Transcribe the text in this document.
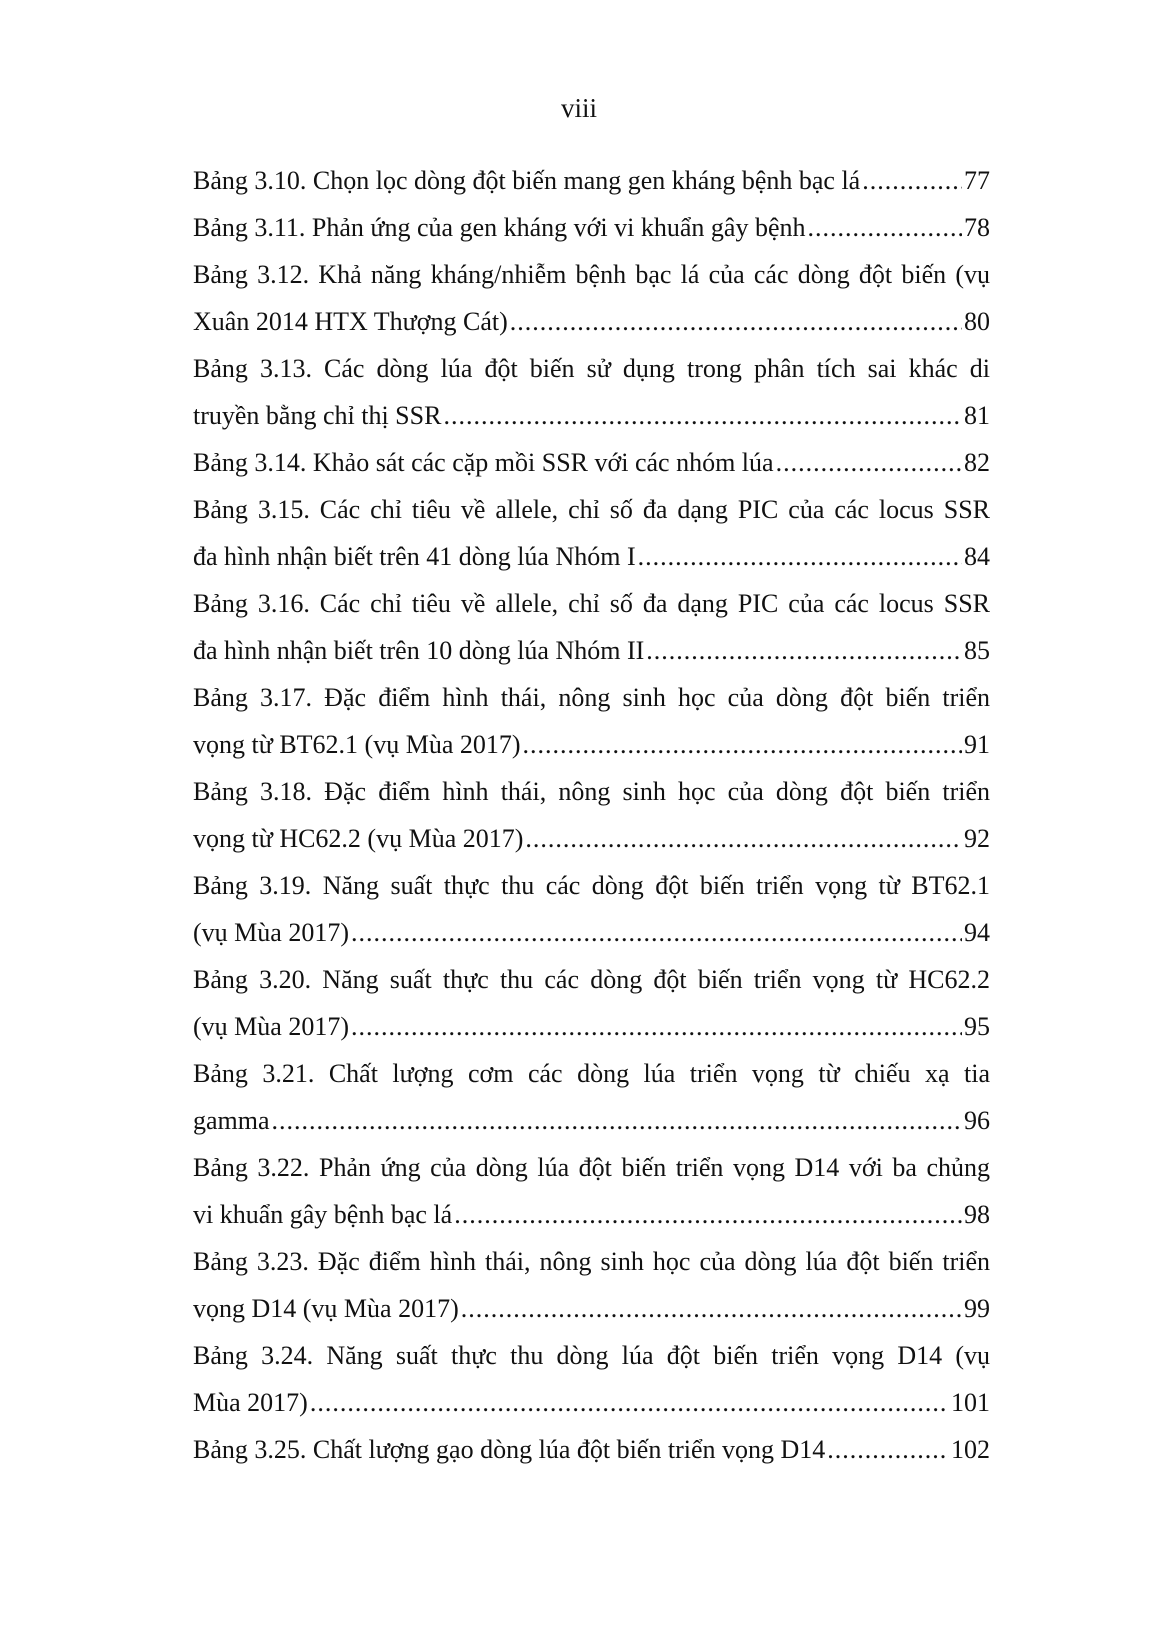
viii
Bảng 3.10. Chọn lọc dòng đột biến mang gen kháng bệnh bạc lá .....	77
Bảng 3.11. Phản ứng của gen kháng với vi khuẩn gây bệnh .....	78
Bảng 3.12. Khả năng kháng/nhiễm bệnh bạc lá của các dòng đột biến (vụ
Xuân 2014 HTX Thượng Cát) .....	80
Bảng 3.13. Các dòng lúa đột biến sử dụng trong phân tích sai khác di
truyền bằng chỉ thị SSR .....	81
Bảng 3.14. Khảo sát các cặp mồi SSR với các nhóm lúa .....	82
Bảng 3.15. Các chỉ tiêu về allele, chỉ số đa dạng PIC của các locus SSR
đa hình nhận biết trên 41 dòng lúa Nhóm I .....	84
Bảng 3.16. Các chỉ tiêu về allele, chỉ số đa dạng PIC của các locus SSR
đa hình nhận biết trên 10 dòng lúa Nhóm II .....	85
Bảng 3.17. Đặc điểm hình thái, nông sinh học của dòng đột biến triển
vọng từ BT62.1 (vụ Mùa 2017) .....	91
Bảng 3.18. Đặc điểm hình thái, nông sinh học của dòng đột biến triển
vọng từ HC62.2 (vụ Mùa 2017) .....	92
Bảng 3.19. Năng suất thực thu các dòng đột biến triển vọng từ BT62.1
(vụ Mùa 2017) .....	94
Bảng 3.20. Năng suất thực thu các dòng đột biến triển vọng từ HC62.2
(vụ Mùa 2017) .....	95
Bảng 3.21. Chất lượng cơm các dòng lúa triển vọng từ chiếu xạ tia
gamma .....	96
Bảng 3.22. Phản ứng của dòng lúa đột biến triển vọng D14 với ba chủng
vi khuẩn gây bệnh bạc lá .....	98
Bảng 3.23. Đặc điểm hình thái, nông sinh học của dòng lúa đột biến triển
vọng D14 (vụ Mùa 2017) .....	99
Bảng 3.24. Năng suất thực thu dòng lúa đột biến triển vọng D14 (vụ
Mùa 2017) .....	101
Bảng 3.25. Chất lượng gạo dòng lúa đột biến triển vọng D14 .....	102
